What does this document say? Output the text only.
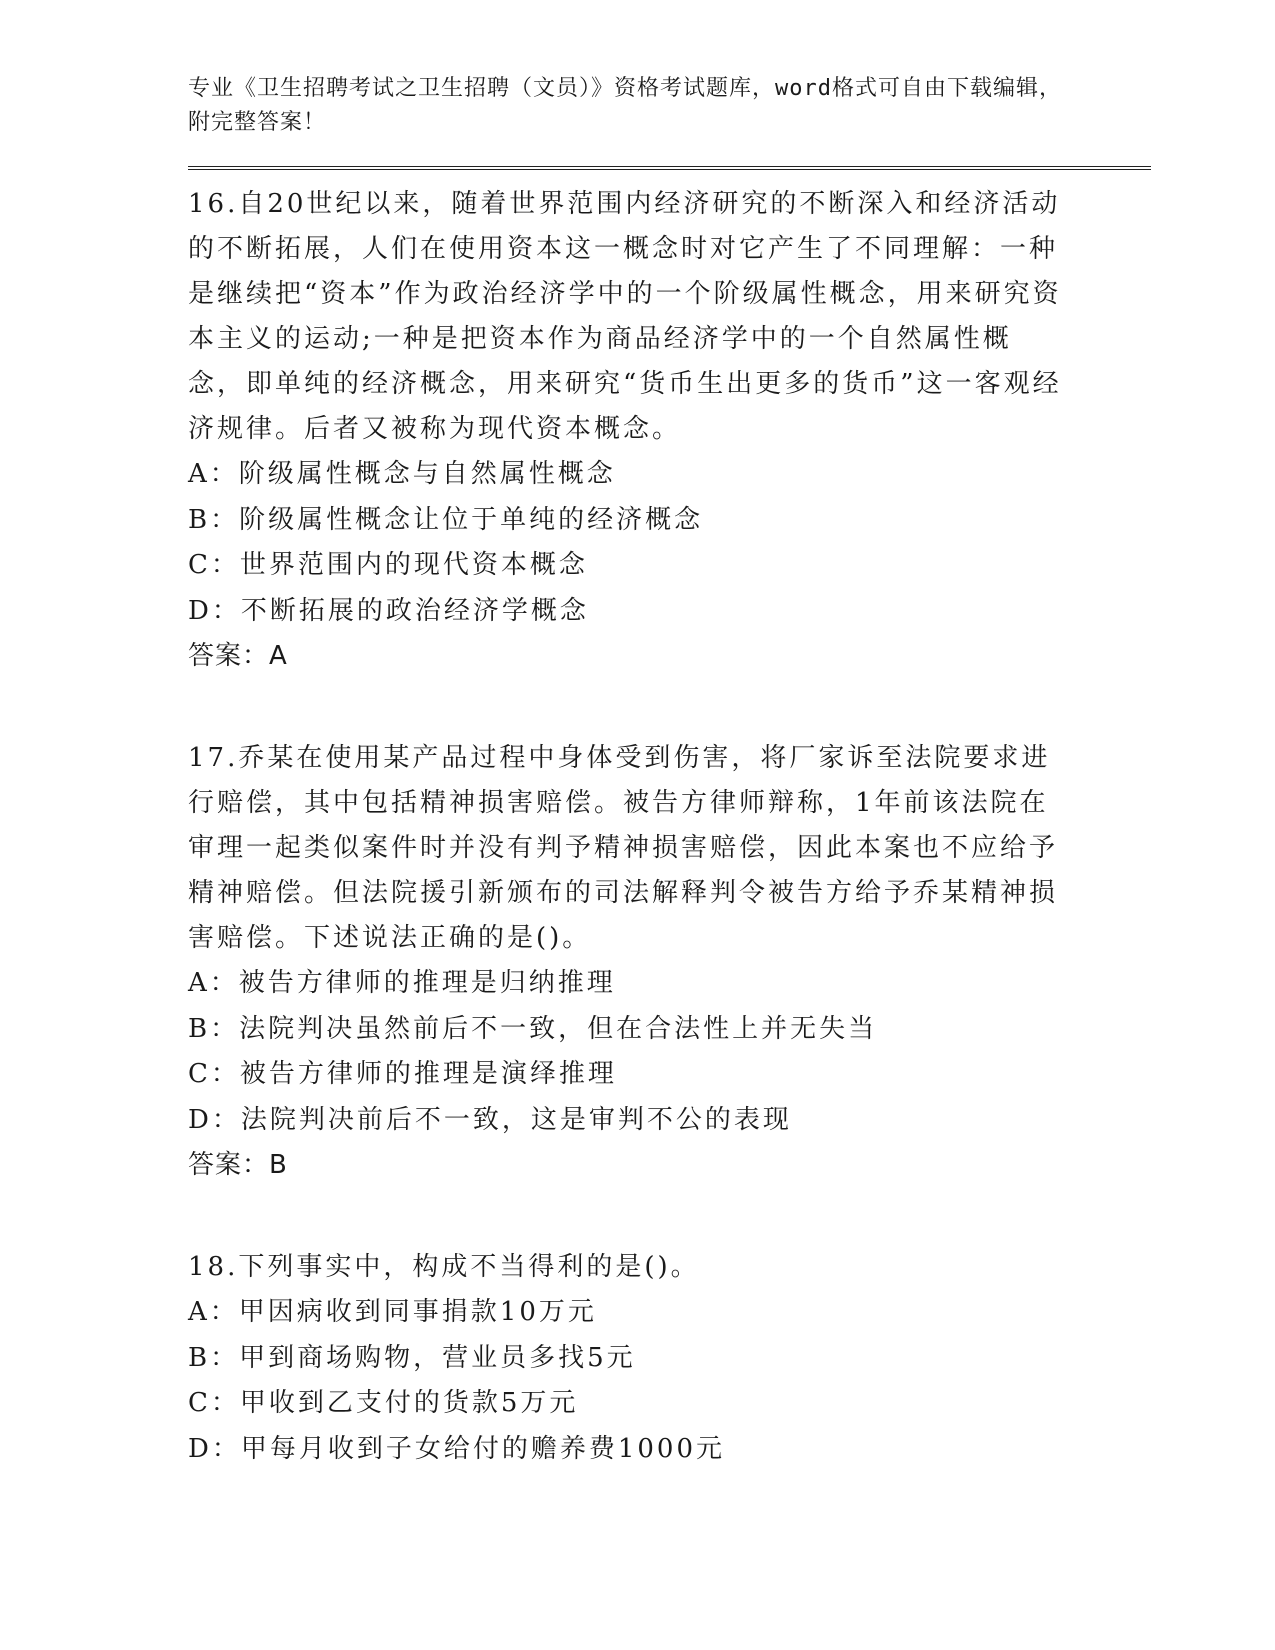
专业《卫生招聘考试之卫生招聘（文员）》资格考试题库，word格式可自由下载编辑，附完整答案！
16.自20世纪以来，随着世界范围内经济研究的不断深入和经济活动的不断拓展，人们在使用资本这一概念时对它产生了不同理解：一种是继续把“资本”作为政治经济学中的一个阶级属性概念，用来研究资本主义的运动;一种是把资本作为商品经济学中的一个自然属性概念，即单纯的经济概念，用来研究“货币生出更多的货币”这一客观经济规律。后者又被称为现代资本概念。
A：阶级属性概念与自然属性概念
B：阶级属性概念让位于单纯的经济概念
C：世界范围内的现代资本概念
D：不断拓展的政治经济学概念
答案：A
17.乔某在使用某产品过程中身体受到伤害，将厂家诉至法院要求进行赔偿，其中包括精神损害赔偿。被告方律师辩称，1年前该法院在审理一起类似案件时并没有判予精神损害赔偿，因此本案也不应给予精神赔偿。但法院援引新颁布的司法解释判令被告方给予乔某精神损害赔偿。下述说法正确的是()。
A：被告方律师的推理是归纳推理
B：法院判决虽然前后不一致，但在合法性上并无失当
C：被告方律师的推理是演绎推理
D：法院判决前后不一致，这是审判不公的表现
答案：B
18.下列事实中，构成不当得利的是()。
A：甲因病收到同事捐款10万元
B：甲到商场购物，营业员多找5元
C：甲收到乙支付的货款5万元
D：甲每月收到子女给付的赡养费1000元
